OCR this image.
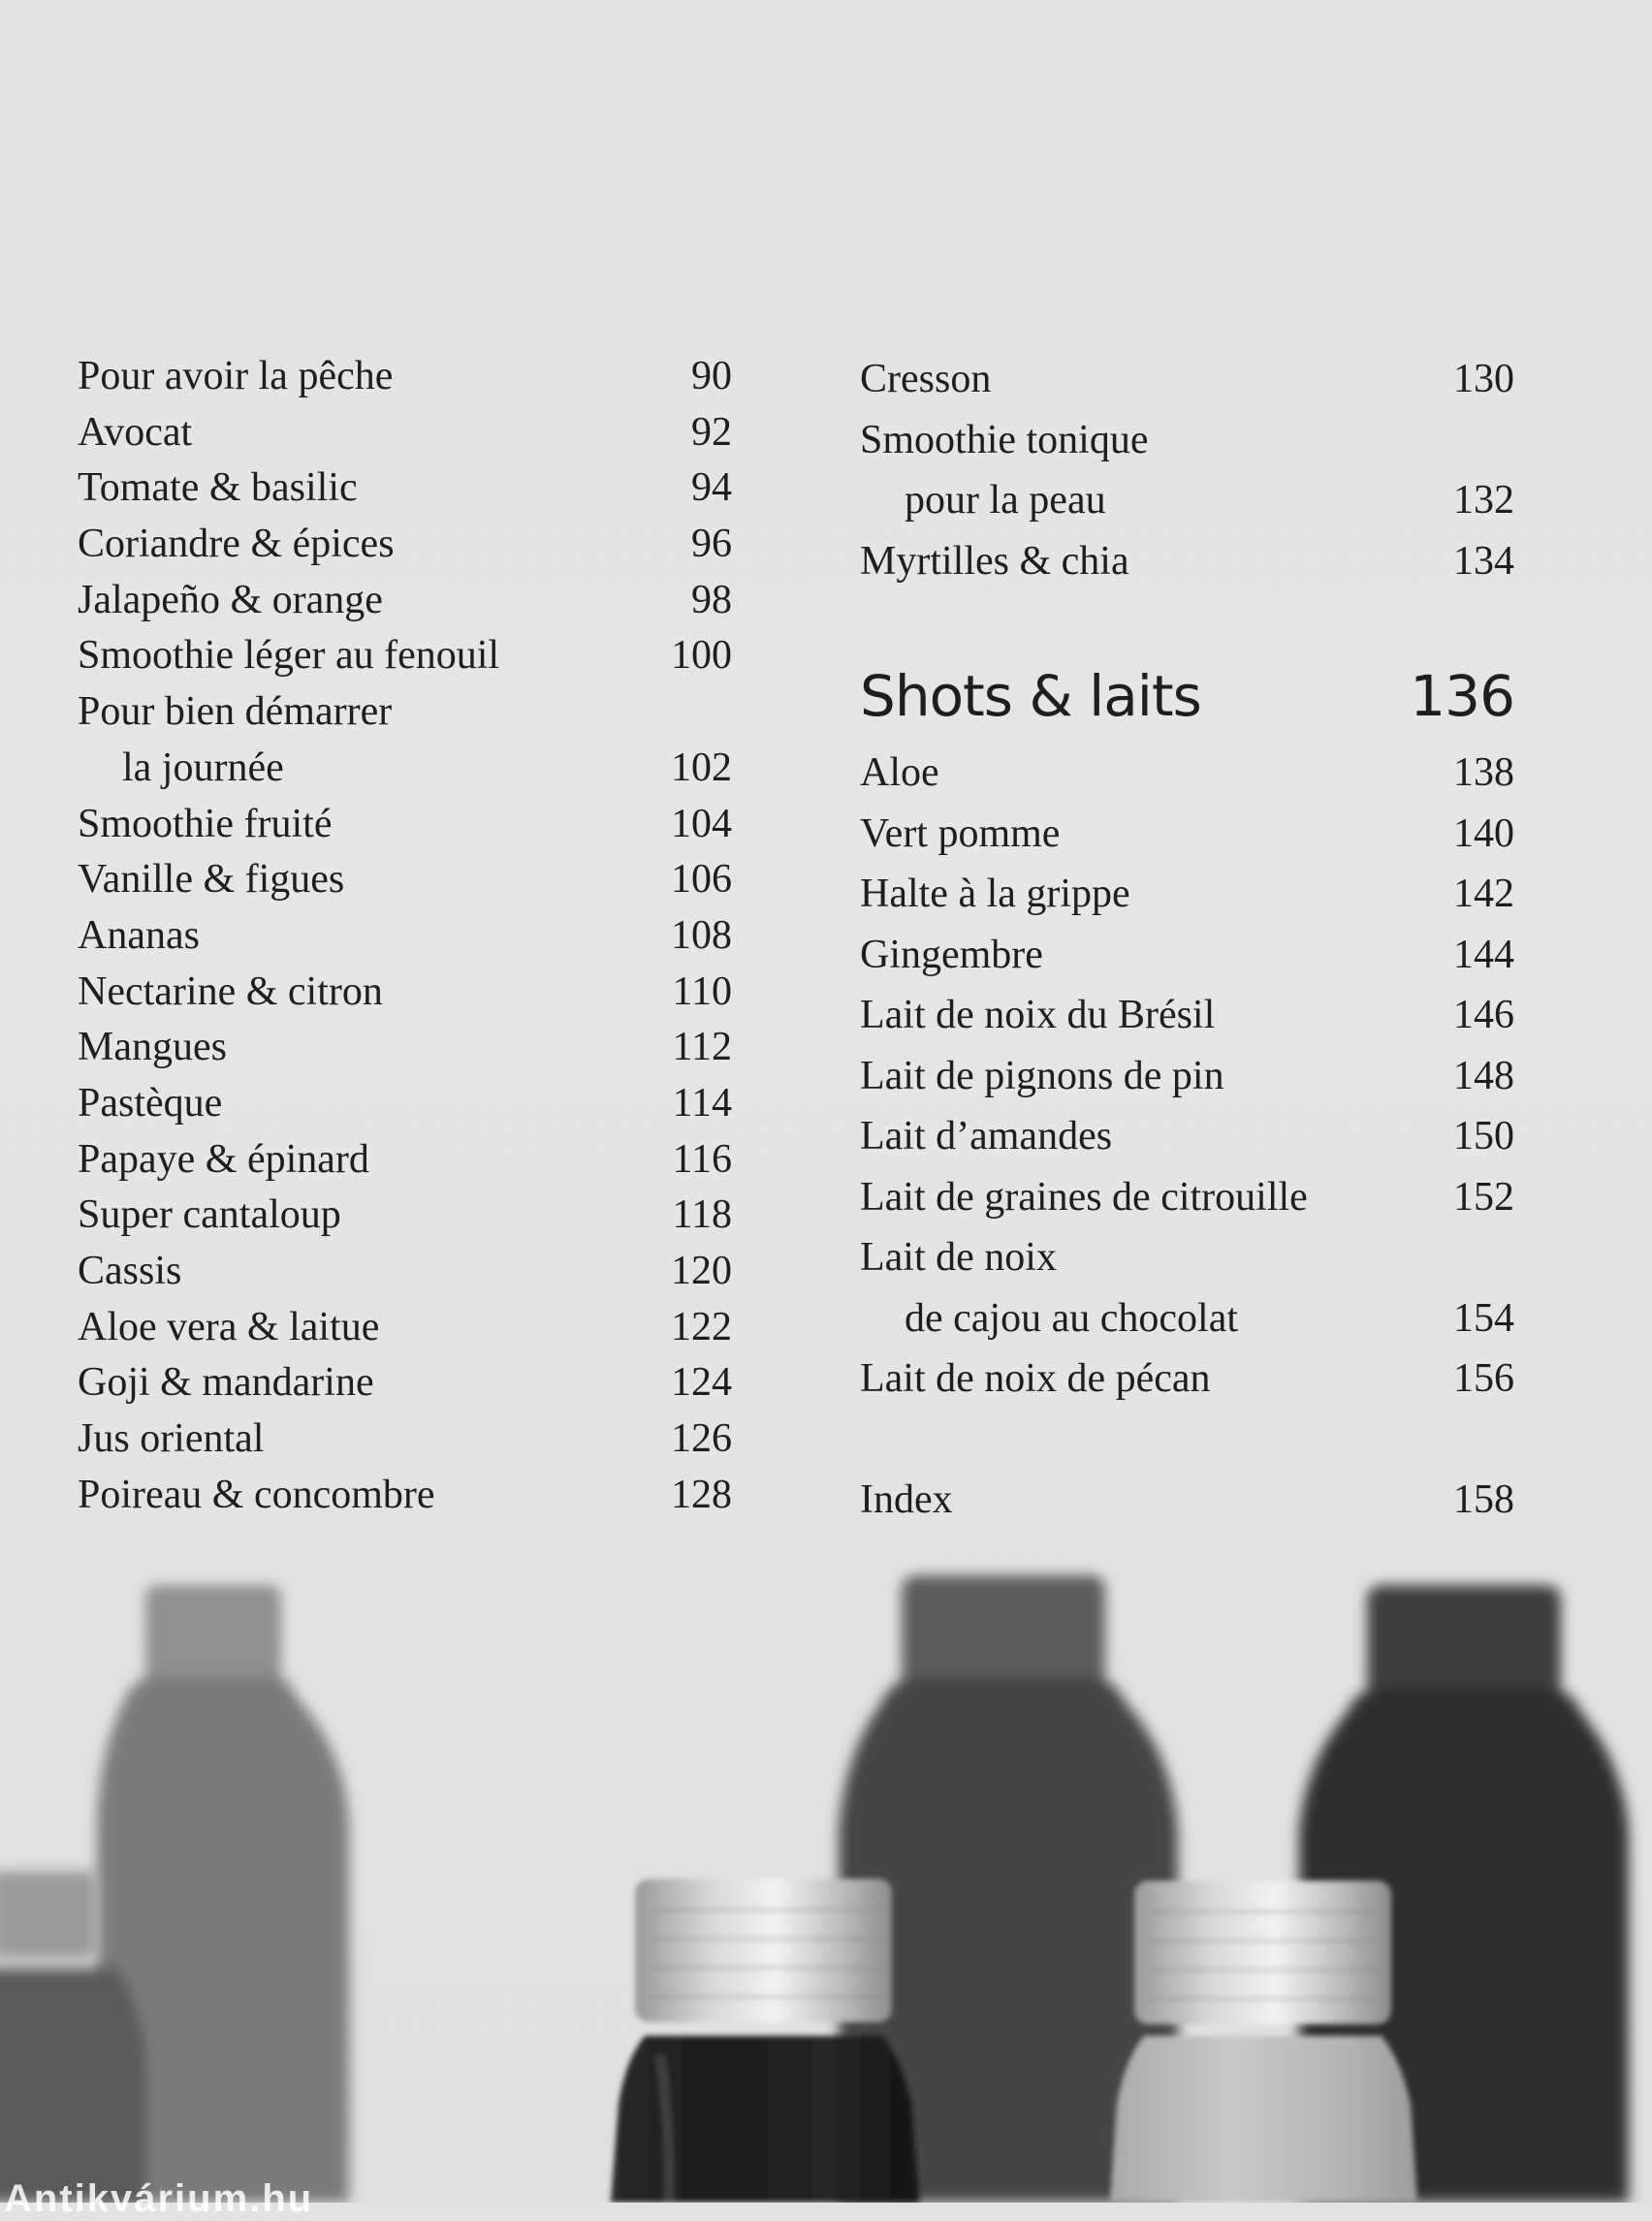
Pour avoir la pêche	90
Avocat	92
Tomate & basilic	94
Coriandre & épices	96
Jalapeño & orange	98
Smoothie léger au fenouil	100
Pour bien démarrer
la journée	102
Smoothie fruité	104
Vanille & figues	106
Ananas	108
Nectarine & citron	110
Mangues	112
Pastèque	114
Papaye & épinard	116
Super cantaloup	118
Cassis	120
Aloe vera & laitue	122
Goji & mandarine	124
Jus oriental	126
Poireau & concombre	128
Cresson	130
Smoothie tonique
pour la peau	132
Myrtilles & chia	134
Shots & laits	136
Aloe	138
Vert pomme	140
Halte à la grippe	142
Gingembre	144
Lait de noix du Brésil	146
Lait de pignons de pin	148
Lait d’amandes	150
Lait de graines de citrouille	152
Lait de noix
de cajou au chocolat	154
Lait de noix de pécan	156
Index	158
Antikvárium.hu
